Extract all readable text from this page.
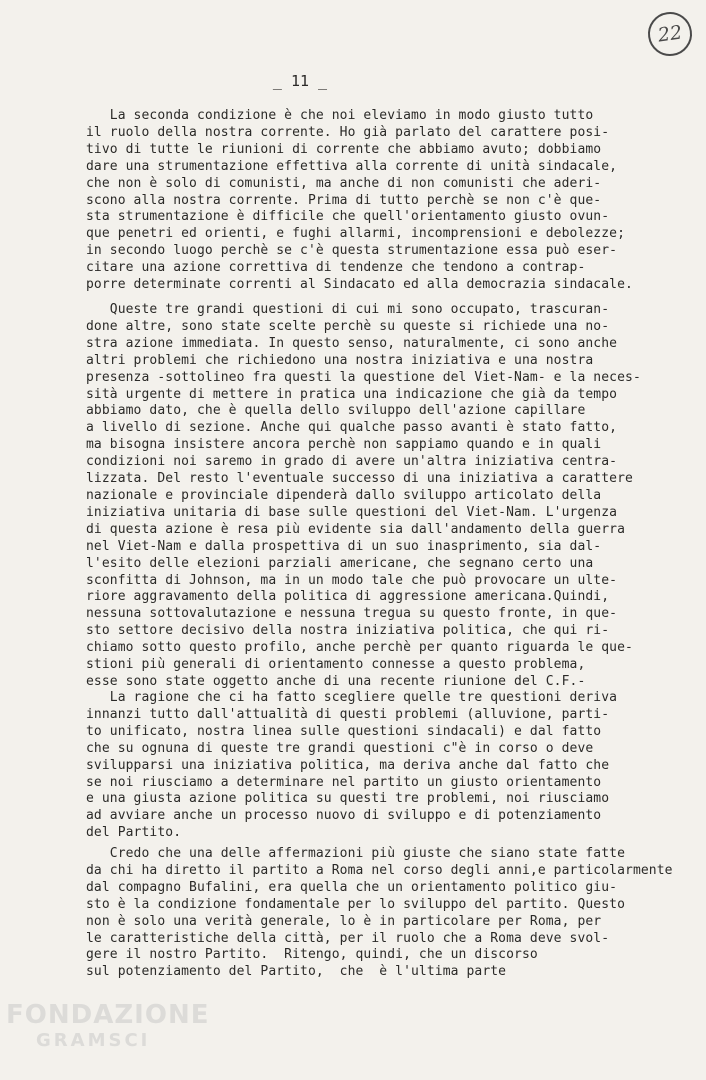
22
_ 11 _
La seconda condizione è che noi eleviamo in modo giusto tutto
il ruolo della nostra corrente. Ho già parlato del carattere posi-
tivo di tutte le riunioni di corrente che abbiamo avuto; dobbiamo
dare una strumentazione effettiva alla corrente di unità sindacale,
che non è solo di comunisti, ma anche di non comunisti che aderi-
scono alla nostra corrente. Prima di tutto perchè se non c'è que-
sta strumentazione è difficile che quell'orientamento giusto ovun-
que penetri ed orienti, e fughi allarmi, incomprensioni e debolezze;
in secondo luogo perchè se c'è questa strumentazione essa può eser-
citare una azione correttiva di tendenze che tendono a contrap-
porre determinate correnti al Sindacato ed alla democrazia sindacale.
Queste tre grandi questioni di cui mi sono occupato, trascuran-
done altre, sono state scelte perchè su queste si richiede una no-
stra azione immediata. In questo senso, naturalmente, ci sono anche
altri problemi che richiedono una nostra iniziativa e una nostra
presenza -sottolineo fra questi la questione del Viet-Nam- e la neces-
sità urgente di mettere in pratica una indicazione che già da tempo
abbiamo dato, che è quella dello sviluppo dell'azione capillare
a livello di sezione. Anche qui qualche passo avanti è stato fatto,
ma bisogna insistere ancora perchè non sappiamo quando e in quali
condizioni noi saremo in grado di avere un'altra iniziativa centra-
lizzata. Del resto l'eventuale successo di una iniziativa a carattere
nazionale e provinciale dipenderà dallo sviluppo articolato della
iniziativa unitaria di base sulle questioni del Viet-Nam. L'urgenza
di questa azione è resa più evidente sia dall'andamento della guerra
nel Viet-Nam e dalla prospettiva di un suo inasprimento, sia dal-
l'esito delle elezioni parziali americane, che segnano certo una
sconfitta di Johnson, ma in un modo tale che può provocare un ulte-
riore aggravamento della politica di aggressione americana.Quindi,
nessuna sottovalutazione e nessuna tregua su questo fronte, in que-
sto settore decisivo della nostra iniziativa politica, che qui ri-
chiamo sotto questo profilo, anche perchè per quanto riguarda le que-
stioni più generali di orientamento connesse a questo problema,
esse sono state oggetto anche di una recente riunione del C.F.-
La ragione che ci ha fatto scegliere quelle tre questioni deriva
innanzi tutto dall'attualità di questi problemi (alluvione, parti-
to unificato, nostra linea sulle questioni sindacali) e dal fatto
che su ognuna di queste tre grandi questioni c"è in corso o deve
svilupparsi una iniziativa politica, ma deriva anche dal fatto che
se noi riusciamo a determinare nel partito un giusto orientamento
e una giusta azione politica su questi tre problemi, noi riusciamo
ad avviare anche un processo nuovo di sviluppo e di potenziamento
del Partito.
Credo che una delle affermazioni più giuste che siano state fatte
da chi ha diretto il partito a Roma nel corso degli anni,e particolarmente
dal compagno Bufalini, era quella che un orientamento politico giu-
sto è la condizione fondamentale per lo sviluppo del partito. Questo
non è solo una verità generale, lo è in particolare per Roma, per
le caratteristiche della città, per il ruolo che a Roma deve svol-
gere il nostro Partito.  Ritengo, quindi, che un discorso
sul potenziamento del Partito,  che  è l'ultima parte
FONDAZIONE
GRAMSCI
